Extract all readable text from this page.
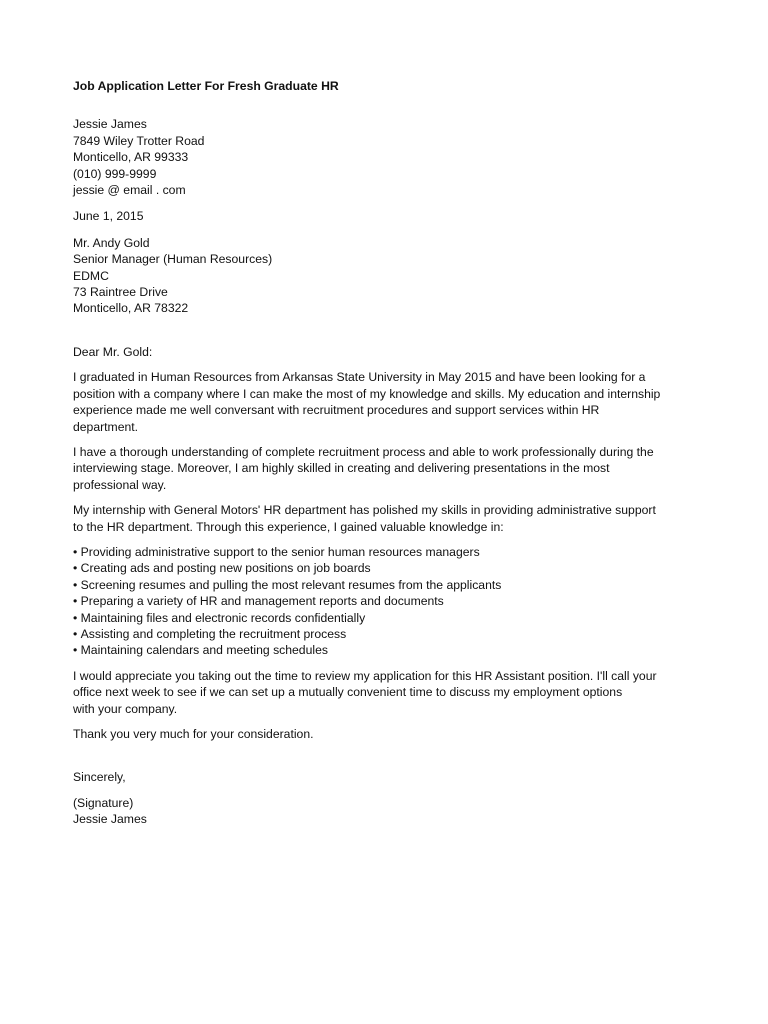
Job Application Letter For Fresh Graduate HR
Jessie James
7849 Wiley Trotter Road
Monticello, AR 99333
(010) 999-9999
jessie @ email . com
June 1, 2015
Mr. Andy Gold
Senior Manager (Human Resources)
EDMC
73 Raintree Drive
Monticello, AR 78322
Dear Mr. Gold:
I graduated in Human Resources from Arkansas State University in May 2015 and have been looking for a
position with a company where I can make the most of my knowledge and skills. My education and internship
experience made me well conversant with recruitment procedures and support services within HR
department.
I have a thorough understanding of complete recruitment process and able to work professionally during the
interviewing stage. Moreover, I am highly skilled in creating and delivering presentations in the most
professional way.
My internship with General Motors' HR department has polished my skills in providing administrative support
to the HR department. Through this experience, I gained valuable knowledge in:
• Providing administrative support to the senior human resources managers
• Creating ads and posting new positions on job boards
• Screening resumes and pulling the most relevant resumes from the applicants
• Preparing a variety of HR and management reports and documents
• Maintaining files and electronic records confidentially
• Assisting and completing the recruitment process
• Maintaining calendars and meeting schedules
I would appreciate you taking out the time to review my application for this HR Assistant position. I'll call your
office next week to see if we can set up a mutually convenient time to discuss my employment options
with your company.
Thank you very much for your consideration.
Sincerely,
(Signature)
Jessie James
